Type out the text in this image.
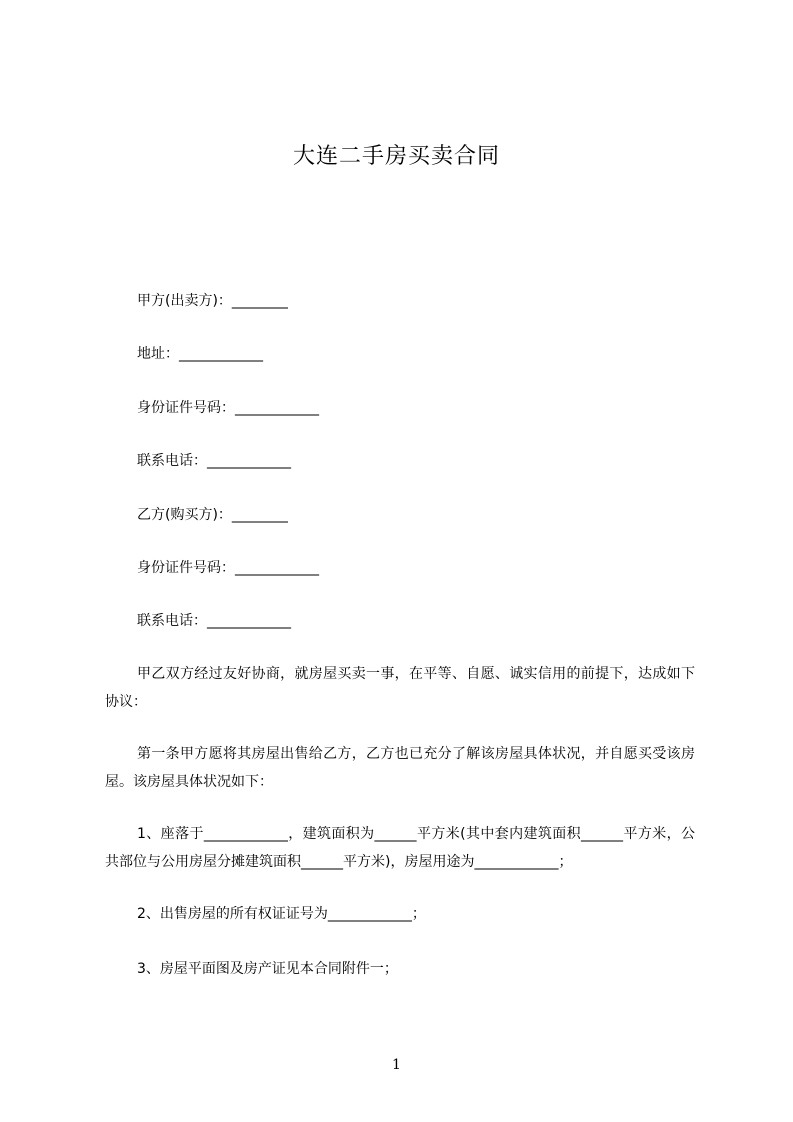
大连二手房买卖合同
甲方(出卖方)：________
地址：____________
身份证件号码：____________
联系电话：____________
乙方(购买方)：________
身份证件号码：____________
联系电话：____________
甲乙双方经过友好协商，就房屋买卖一事，在平等、自愿、诚实信用的前提下，达成如下协议：
第一条甲方愿将其房屋出售给乙方，乙方也已充分了解该房屋具体状况，并自愿买受该房屋。该房屋具体状况如下：
1、座落于____________，建筑面积为______平方米(其中套内建筑面积______平方米，公共部位与公用房屋分摊建筑面积______平方米)，房屋用途为____________；
2、出售房屋的所有权证证号为____________；
3、房屋平面图及房产证见本合同附件一；
1
